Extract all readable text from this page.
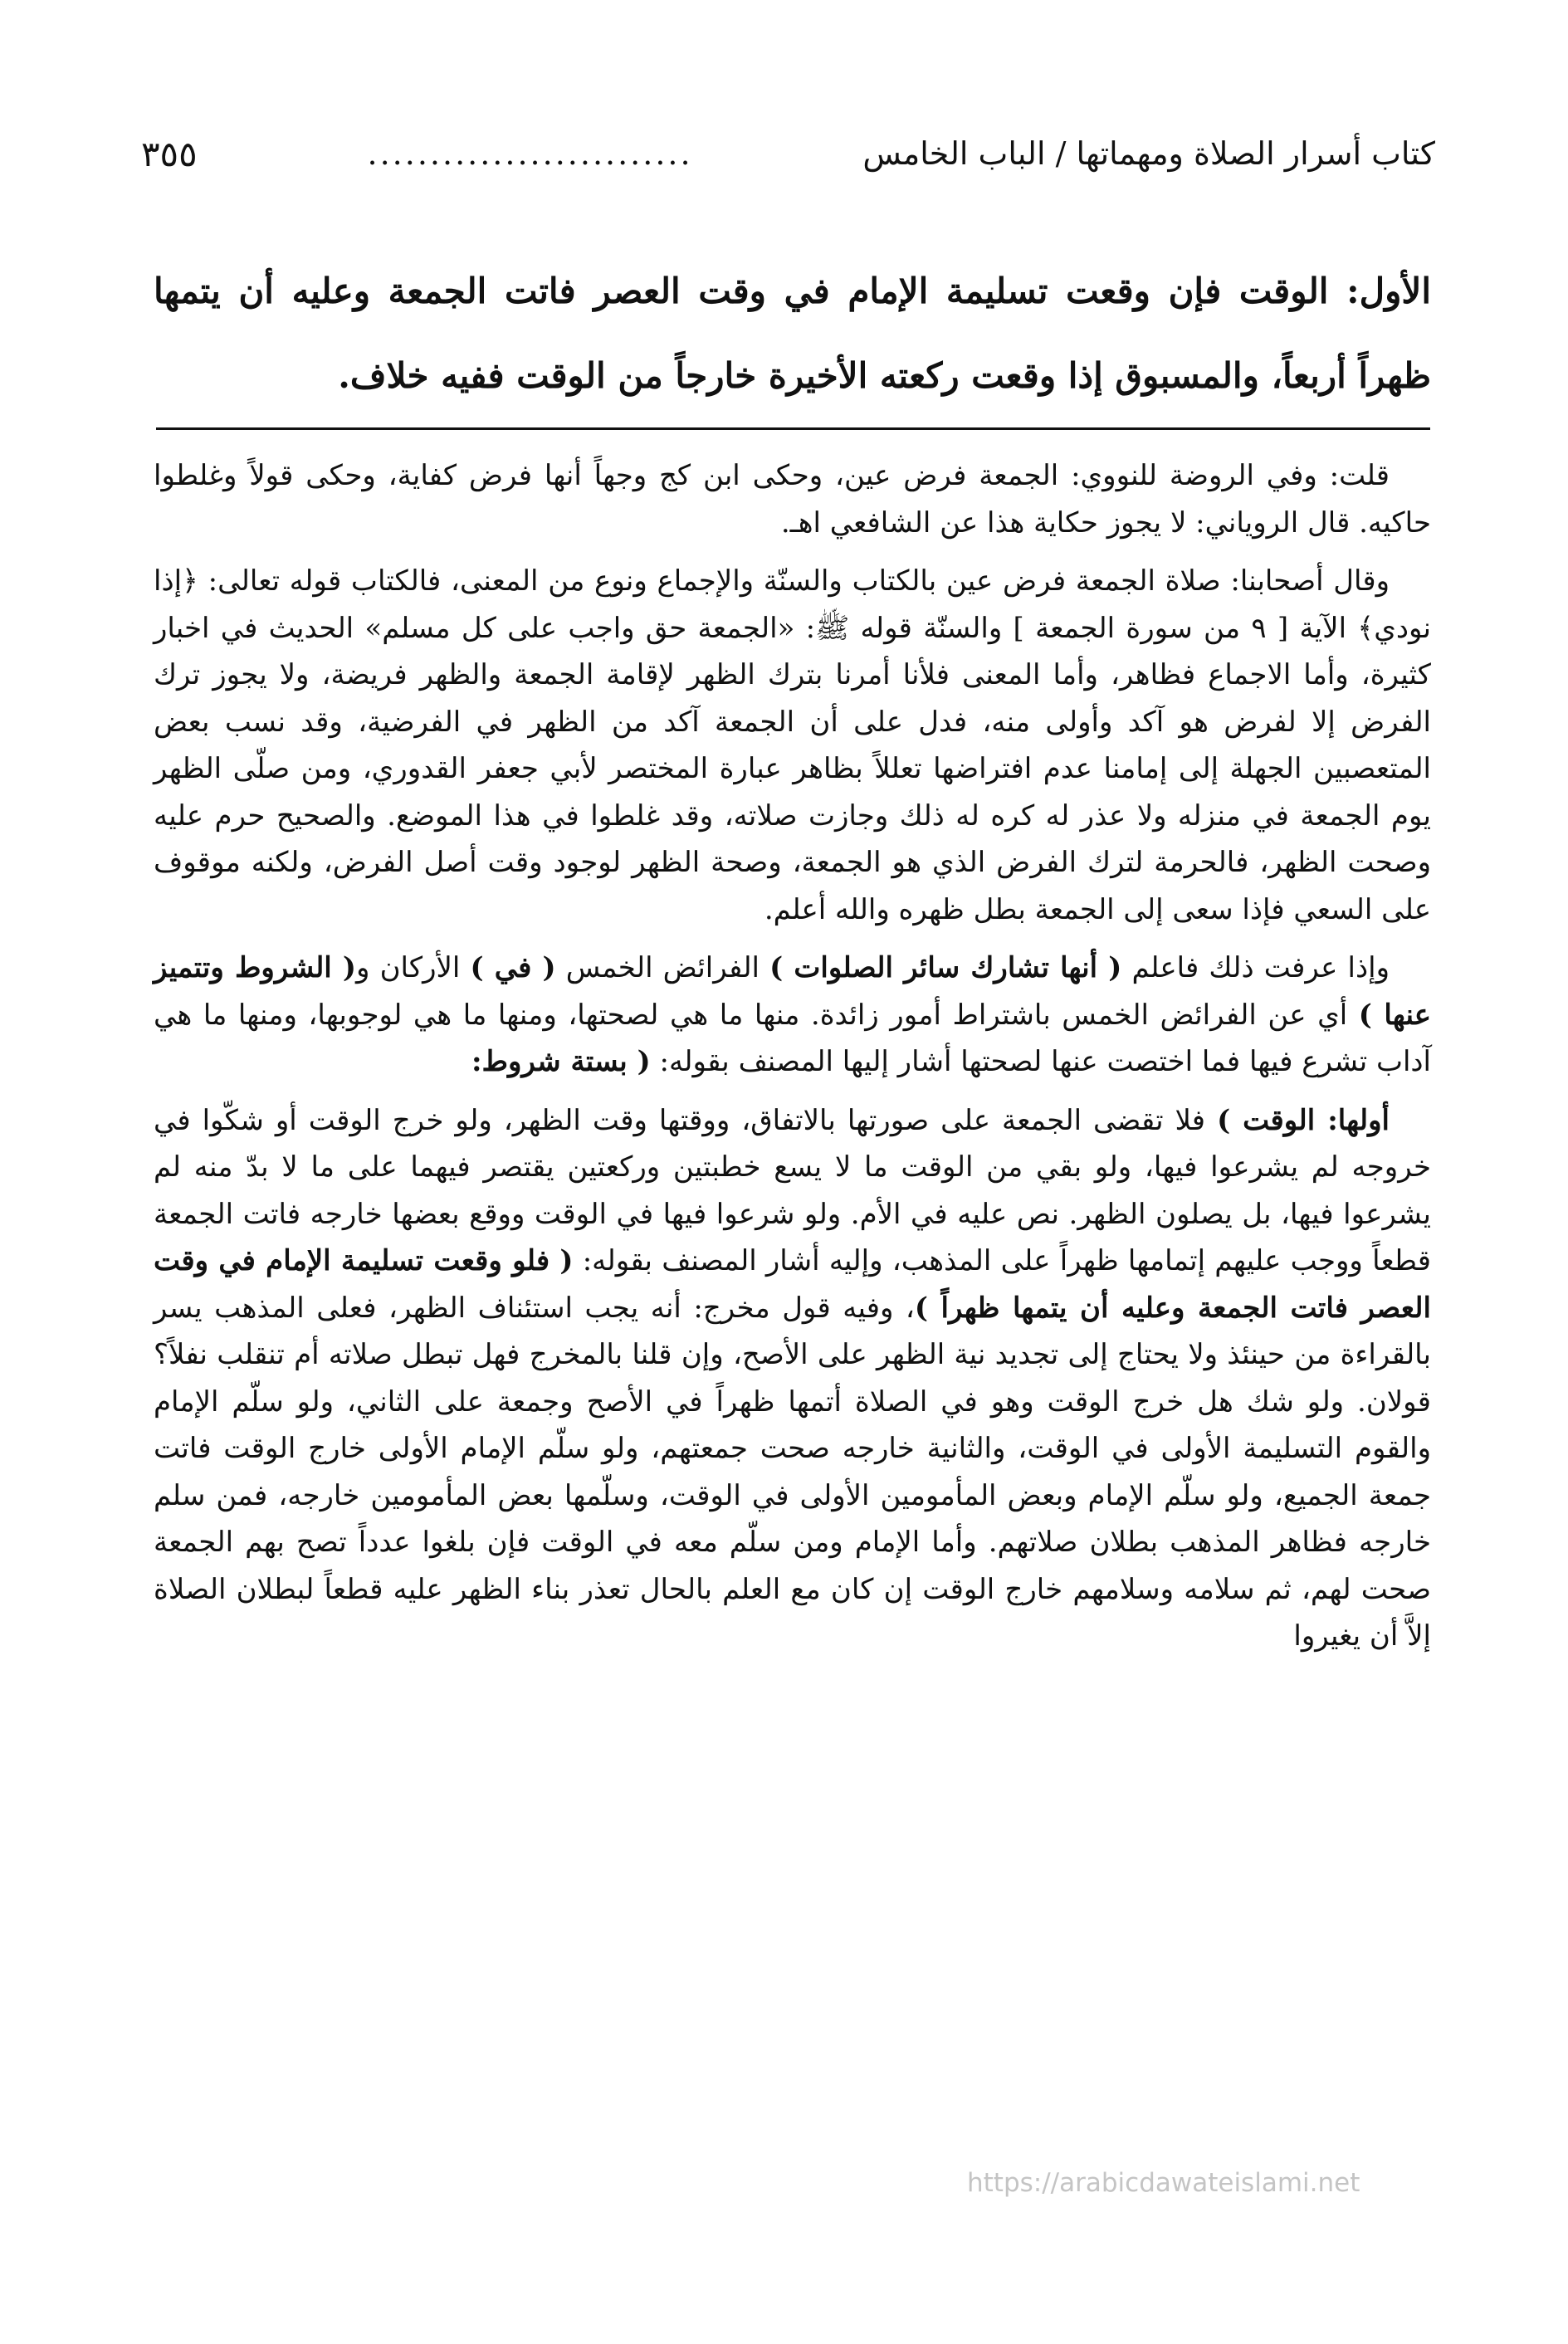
كتاب أسرار الصلاة ومهماتها / الباب الخامس
..........................
٣٥٥

الأول: الوقت فإن وقعت تسليمة الإمام في وقت العصر فاتت الجمعة وعليه أن يتمها ظهراً أربعاً، والمسبوق إذا وقعت ركعته الأخيرة خارجاً من الوقت ففيه خلاف.

قلت: وفي الروضة للنووي: الجمعة فرض عين، وحكى ابن كج وجهاً أنها فرض كفاية، وحكى قولاً وغلطوا حاكيه. قال الروياني: لا يجوز حكاية هذا عن الشافعي اهـ.

وقال أصحابنا: صلاة الجمعة فرض عين بالكتاب والسنّة والإجماع ونوع من المعنى، فالكتاب قوله تعالى: ﴿إذا نودي﴾ الآية [ ٩ من سورة الجمعة ] والسنّة قوله ﷺ: «الجمعة حق واجب على كل مسلم» الحديث في اخبار كثيرة، وأما الاجماع فظاهر، وأما المعنى فلأنا أمرنا بترك الظهر لإقامة الجمعة والظهر فريضة، ولا يجوز ترك الفرض إلا لفرض هو آكد وأولى منه، فدل على أن الجمعة آكد من الظهر في الفرضية، وقد نسب بعض المتعصبين الجهلة إلى إمامنا عدم افتراضها تعللاً بظاهر عبارة المختصر لأبي جعفر القدوري، ومن صلّى الظهر يوم الجمعة في منزله ولا عذر له كره له ذلك وجازت صلاته، وقد غلطوا في هذا الموضع. والصحيح حرم عليه وصحت الظهر، فالحرمة لترك الفرض الذي هو الجمعة، وصحة الظهر لوجود وقت أصل الفرض، ولكنه موقوف على السعي فإذا سعى إلى الجمعة بطل ظهره والله أعلم.

وإذا عرفت ذلك فاعلم ( أنها تشارك سائر الصلوات ) الفرائض الخمس ( في ) الأركان و( الشروط وتتميز عنها ) أي عن الفرائض الخمس باشتراط أمور زائدة. منها ما هي لصحتها، ومنها ما هي لوجوبها، ومنها ما هي آداب تشرع فيها فما اختصت عنها لصحتها أشار إليها المصنف بقوله: ( بستة شروط:

أولها: الوقت ) فلا تقضى الجمعة على صورتها بالاتفاق، ووقتها وقت الظهر، ولو خرج الوقت أو شكّوا في خروجه لم يشرعوا فيها، ولو بقي من الوقت ما لا يسع خطبتين وركعتين يقتصر فيهما على ما لا بدّ منه لم يشرعوا فيها، بل يصلون الظهر. نص عليه في الأم. ولو شرعوا فيها في الوقت ووقع بعضها خارجه فاتت الجمعة قطعاً ووجب عليهم إتمامها ظهراً على المذهب، وإليه أشار المصنف بقوله: ( فلو وقعت تسليمة الإمام في وقت العصر فاتت الجمعة وعليه أن يتمها ظهراً )، وفيه قول مخرج: أنه يجب استئناف الظهر، فعلى المذهب يسر بالقراءة من حينئذ ولا يحتاج إلى تجديد نية الظهر على الأصح، وإن قلنا بالمخرج فهل تبطل صلاته أم تنقلب نفلاً؟ قولان. ولو شك هل خرج الوقت وهو في الصلاة أتمها ظهراً في الأصح وجمعة على الثاني، ولو سلّم الإمام والقوم التسليمة الأولى في الوقت، والثانية خارجه صحت جمعتهم، ولو سلّم الإمام الأولى خارج الوقت فاتت جمعة الجميع، ولو سلّم الإمام وبعض المأمومين الأولى في الوقت، وسلّمها بعض المأمومين خارجه، فمن سلم خارجه فظاهر المذهب بطلان صلاتهم. وأما الإمام ومن سلّم معه في الوقت فإن بلغوا عدداً تصح بهم الجمعة صحت لهم، ثم سلامه وسلامهم خارج الوقت إن كان مع العلم بالحال تعذر بناء الظهر عليه قطعاً لبطلان الصلاة إلاَّ أن يغيروا

https://arabicdawateislami.net
